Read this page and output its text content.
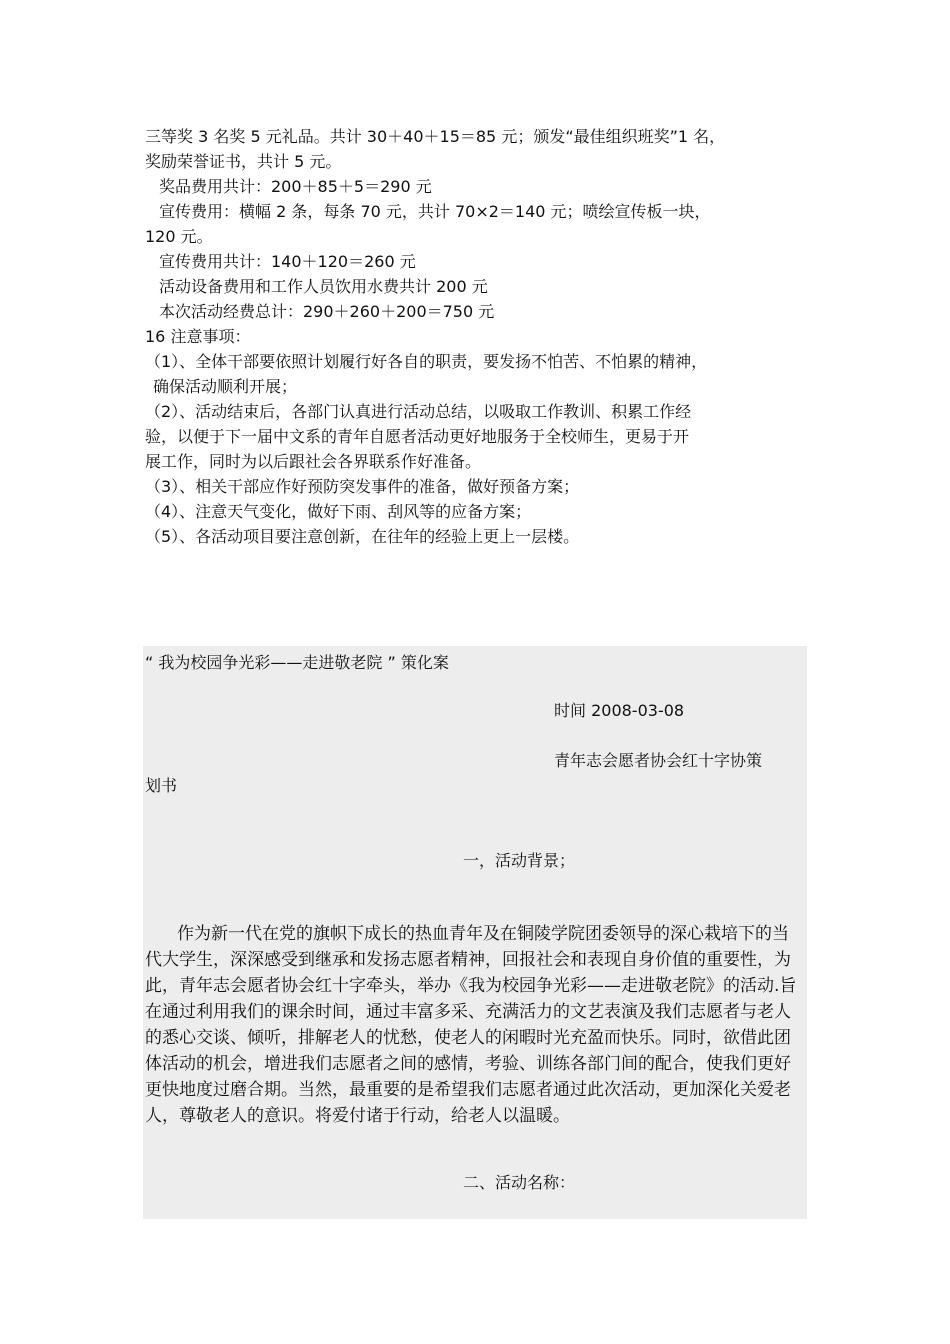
三等奖 3 名奖 5 元礼品。共计 30＋40＋15＝85 元；颁发“最佳组织班奖”1 名，

奖励荣誉证书，共计 5 元。

奖品费用共计：200＋85＋5＝290 元

宣传费用：横幅 2 条，每条 70 元，共计 70×2＝140 元；喷绘宣传板一块，

120 元。

宣传费用共计：140＋120＝260 元

活动设备费用和工作人员饮用水费共计 200 元

本次活动经费总计：290＋260＋200＝750 元

16 注意事项：

（1）、全体干部要依照计划履行好各自的职责，要发扬不怕苦、不怕累的精神，

确保活动顺利开展；

（2）、活动结束后，各部门认真进行活动总结，以吸取工作教训、积累工作经

验，以便于下一届中文系的青年自愿者活动更好地服务于全校师生，更易于开

展工作，同时为以后跟社会各界联系作好准备。

（3）、相关干部应作好预防突发事件的准备，做好预备方案；

（4）、注意天气变化，做好下雨、刮风等的应备方案；

（5）、各活动项目要注意创新，在往年的经验上更上一层楼。

“ 我为校园争光彩——走进敬老院 ” 策化案

时间 2008-03-08

青年志会愿者协会红十字协策

划书

一，活动背景；

作为新一代在党的旗帜下成长的热血青年及在铜陵学院团委领导的深心栽培下的当代大学生，深深感受到继承和发扬志愿者精神，回报社会和表现自身价值的重要性，为此，青年志会愿者协会红十字牵头，举办《我为校园争光彩——走进敬老院》的活动.旨在通过利用我们的课余时间，通过丰富多采、充满活力的文艺表演及我们志愿者与老人的悉心交谈、倾听，排解老人的忧愁，使老人的闲暇时光充盈而快乐。同时，欲借此团体活动的机会，增进我们志愿者之间的感情，考验、训练各部门间的配合，使我们更好更快地度过磨合期。当然，最重要的是希望我们志愿者通过此次活动，更加深化关爱老人，尊敬老人的意识。将爱付诸于行动，给老人以温暖。

二、活动名称：
